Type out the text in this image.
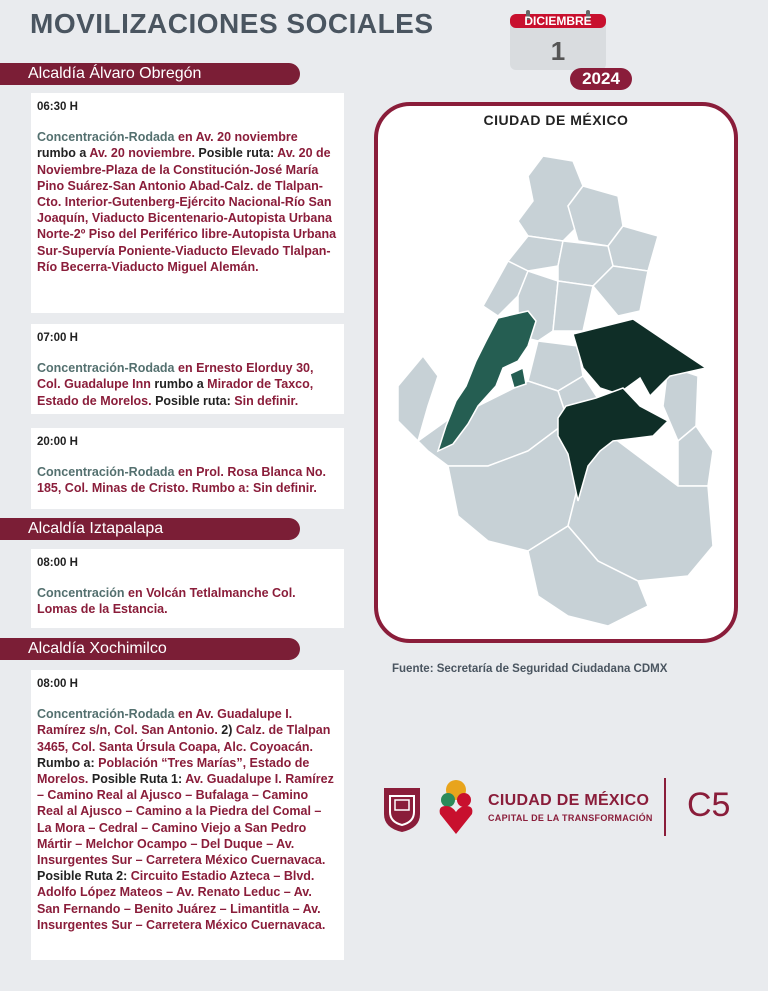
MOVILIZACIONES SOCIALES	DICIEMBRE
1
2024
Alcaldía Álvaro Obregón
06:30 H
Concentración-Rodada en Av. 20 noviembre rumbo a Av. 20 noviembre. Posible ruta: Av. 20 de Noviembre-Plaza de la Constitución-José María Pino Suárez-San Antonio Abad-Calz. de Tlalpan-Cto. Interior-Gutenberg-Ejército Nacional-Río San Joaquín, Viaducto Bicentenario-Autopista Urbana Norte-2º Piso del Periférico libre-Autopista Urbana Sur-Supervía Poniente-Viaducto Elevado Tlalpan-Río Becerra-Viaducto Miguel Alemán.
07:00 H
Concentración-Rodada en Ernesto Elorduy 30, Col. Guadalupe Inn rumbo a Mirador de Taxco, Estado de Morelos. Posible ruta: Sin definir.
20:00 H
Concentración-Rodada en Prol. Rosa Blanca No. 185, Col. Minas de Cristo. Rumbo a: Sin definir.
Alcaldía Iztapalapa
08:00 H
Concentración en Volcán Tetlalmanche Col. Lomas de la Estancia.
Alcaldía Xochimilco
08:00 H
Concentración-Rodada en Av. Guadalupe I. Ramírez s/n, Col. San Antonio. 2) Calz. de Tlalpan 3465, Col. Santa Úrsula Coapa, Alc. Coyoacán. Rumbo a: Población “Tres Marías”, Estado de Morelos. Posible Ruta 1: Av. Guadalupe I. Ramírez – Camino Real al Ajusco – Bufalaga – Camino Real al Ajusco – Camino a la Piedra del Comal – La Mora – Cedral – Camino Viejo a San Pedro Mártir – Melchor Ocampo – Del Duque – Av. Insurgentes Sur – Carretera México Cuernavaca. Posible Ruta 2: Circuito Estadio Azteca – Blvd. Adolfo López Mateos – Av. Renato Leduc – Av. San Fernando – Benito Juárez – Limantitla – Av. Insurgentes Sur – Carretera México Cuernavaca.
CIUDAD DE MÉXICO
Fuente: Secretaría de Seguridad Ciudadana CDMX
CIUDAD DE MÉXICO
CAPITAL DE LA TRANSFORMACIÓN C5
